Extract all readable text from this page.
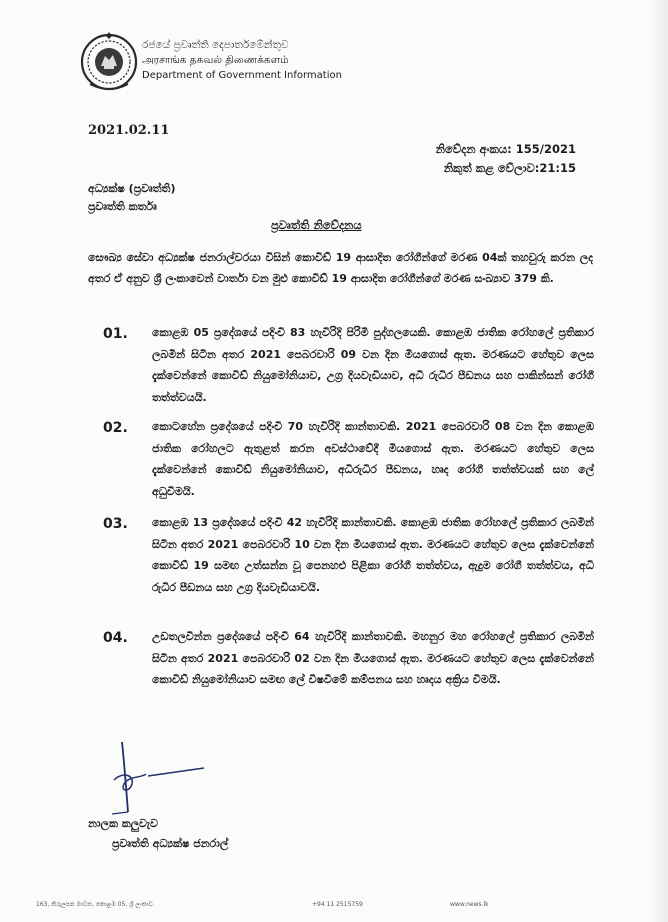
රජයේ ප්‍රවෘත්ති දෙපාර්තමේන්තුව
அரசாங்க தகவல் திணைக்களம்
Department of Government Information
2021.02.11
නිවේදන අංකය: 155/2021
නිකුත් කළ වේලාව:21:15
අධ්‍යක්ෂ (ප්‍රවෘත්ති)
ප්‍රවෘත්ති කර්තෘ
ප්‍රවෘත්ති නිවේදනය
සෞඛ්‍ය සේවා අධ්‍යක්ෂ ජනරාල්වරයා විසින් කොවිඩ් 19 ආසාදිත රෝගීන්ගේ මරණ 04ක් තහවුරු කරන ලද අතර ඒ අනුව ශ්‍රී ලංකාවෙන් වාර්තා වන මුළු කොවිඩ් 19 ආසාදිත රෝගීන්ගේ මරණ සංඛ්‍යාව 379 කි.
01. කොළඹ 05 ප්‍රදේශයේ පදිංචි 83 හැවිරිදි පිරිමි පුද්ගලයෙකි. කොළඹ ජාතික රෝහලේ ප්‍රතිකාර ලබමින් සිටින අතර 2021 පෙබරවාරි 09 වන දින මියගොස් ඇත. මරණයට හේතුව ලෙස දැක්වෙන්නේ කොවිඩ් නියුමෝනියාව, උග්‍ර දියවැඩියාව, අධි රුධිර පීඩනය සහ පාකින්සන් රෝගී තත්ත්වයයි.
02. කොටහේන ප්‍රදේශයේ පදිංචි 70 හැවිරිදි කාන්තාවකි. 2021 පෙබරවාරි 08 වන දින කොළඹ ජාතික රෝහලට ඇතුළත් කරන අවස්ථාවේදී මියගොස් ඇත. මරණයට හේතුව ලෙස දැක්වෙන්නේ කොවිඩ් නියුමෝනියාව, අධිරුධිර පීඩනය, හෘද රෝගී තත්ත්වයක් සහ ලේ අධුවීමයි.
03. කොළඹ 13 ප්‍රදේශයේ පදිංචි 42 හැවිරිදි කාන්තාවකි. කොළඹ ජාතික රෝහලේ ප්‍රතිකාර ලබමින් සිටින අතර 2021 පෙබරවාරි 10 වන දින මියගොස් ඇත. මරණයට හේතුව ලෙස දැක්වෙන්නේ කොවිඩ් 19 සමඟ උත්සන්න වූ පෙනහළු පිළිකා රෝගී තත්ත්වය, ඇදුම රෝගී තත්ත්වය, අධි රුධිර පීඩනය සහ උග්‍ර දියවැඩියාවයි.
04. උඩතලවින්න ප්‍රදේශයේ පදිංචි 64 හැවිරිදි කාන්තාවකි. මහනුර මහ රෝහලේ ප්‍රතිකාර ලබමින් සිටින අතර 2021 පෙබරවාරි 02 වන දින මියගොස් ඇත. මරණයට හේතුව ලෙස දැක්වෙන්නේ කොවිඩ් නියුමෝනියාව සමඟ ලේ විෂවීමේ කම්පනය සහ හෘදය අක්‍රිය වීමයි.
නාලක කලුවැව
ප්‍රවෘත්ති අධ්‍යක්ෂ ජනරාල්
163, කිරුලපන මාවත, කොළඹ 05, ශ්‍රී ලංකාව.	+94 11 2515759	www.news.lk
